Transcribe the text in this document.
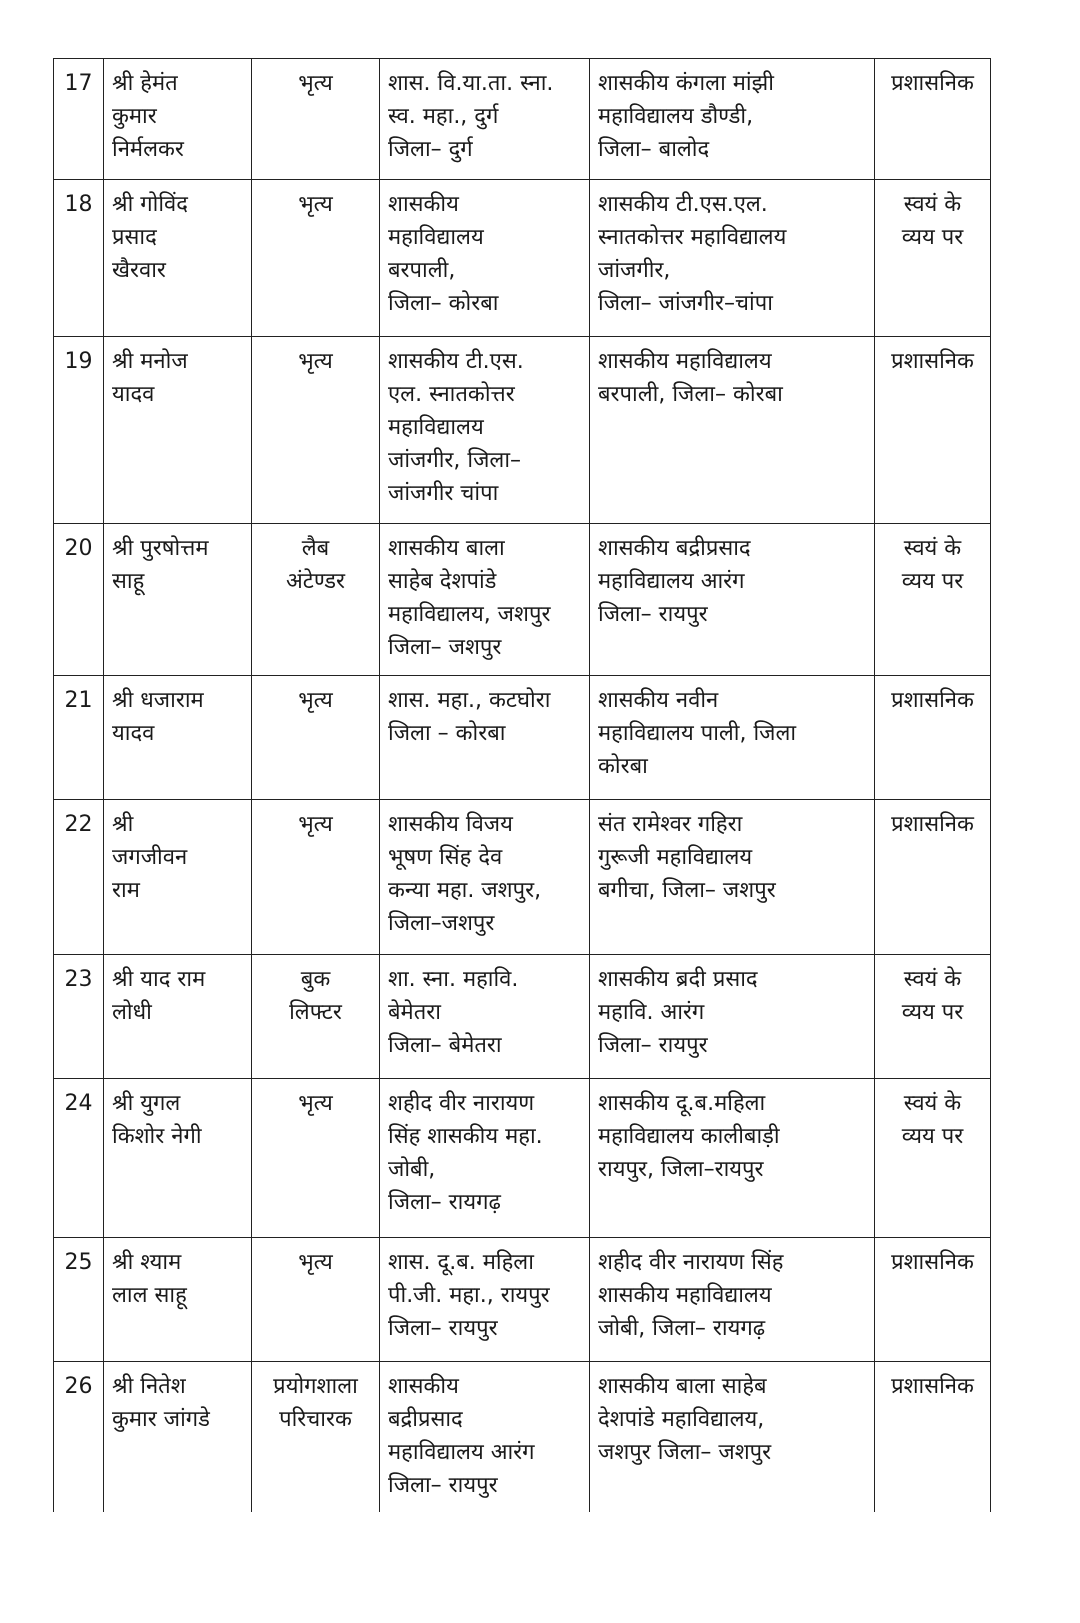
17	श्री हेमंत
कुमार
निर्मलकर	भृत्य	शास. वि.या.ता. स्ना.
स्व. महा., दुर्ग
जिला– दुर्ग	शासकीय कंगला मांझी
महाविद्यालय डौण्डी,
जिला– बालोद	प्रशासनिक
18	श्री गोविंद
प्रसाद
खैरवार	भृत्य	शासकीय
महाविद्यालय
बरपाली,
जिला– कोरबा	शासकीय टी.एस.एल.
स्नातकोत्तर महाविद्यालय
जांजगीर,
जिला– जांजगीर–चांपा	स्वयं के
व्यय पर
19	श्री मनोज
यादव	भृत्य	शासकीय टी.एस.
एल. स्नातकोत्तर
महाविद्यालय
जांजगीर, जिला–
जांजगीर चांपा	शासकीय महाविद्यालय
बरपाली, जिला– कोरबा	प्रशासनिक
20	श्री पुरषोत्तम
साहू	लैब
अंटेण्डर	शासकीय बाला
साहेब देशपांडे
महाविद्यालय, जशपुर
जिला– जशपुर	शासकीय बद्रीप्रसाद
महाविद्यालय आरंग
जिला– रायपुर	स्वयं के
व्यय पर
21	श्री धजाराम
यादव	भृत्य	शास. महा., कटघोरा
जिला – कोरबा	शासकीय नवीन
महाविद्यालय पाली, जिला
कोरबा	प्रशासनिक
22	श्री
जगजीवन
राम	भृत्य	शासकीय विजय
भूषण सिंह देव
कन्या महा. जशपुर,
जिला–जशपुर	संत रामेश्वर गहिरा
गुरूजी महाविद्यालय
बगीचा, जिला– जशपुर	प्रशासनिक
23	श्री याद राम
लोधी	बुक
लिफ्टर	शा. स्ना. महावि.
बेमेतरा
जिला– बेमेतरा	शासकीय ब्रदी प्रसाद
महावि. आरंग
जिला– रायपुर	स्वयं के
व्यय पर
24	श्री युगल
किशोर नेगी	भृत्य	शहीद वीर नारायण
सिंह शासकीय महा.
जोबी,
जिला– रायगढ़	शासकीय दू.ब.महिला
महाविद्यालय कालीबाड़ी
रायपुर, जिला–रायपुर	स्वयं के
व्यय पर
25	श्री श्याम
लाल साहू	भृत्य	शास. दू.ब. महिला
पी.जी. महा., रायपुर
जिला– रायपुर	शहीद वीर नारायण सिंह
शासकीय महाविद्यालय
जोबी, जिला– रायगढ़	प्रशासनिक
26	श्री नितेश
कुमार जांगडे	प्रयोगशाला
परिचारक	शासकीय
बद्रीप्रसाद
महाविद्यालय आरंग
जिला– रायपुर	शासकीय बाला साहेब
देशपांडे महाविद्यालय,
जशपुर जिला– जशपुर	प्रशासनिक
